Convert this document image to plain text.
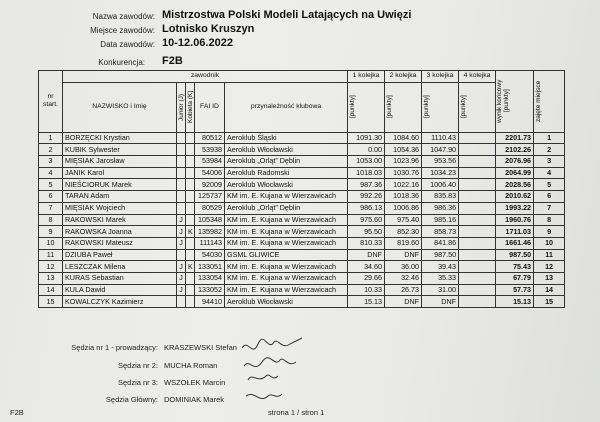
Nazwa zawodów: Mistrzostwa Polski Modeli Latających na Uwięzi
Miejsce zawodów: Lotnisko Kruszyn
Data zawodów: 10-12.06.2022
Konkurencja: F2B
nr start.	zawodnik					1 kolejka	2 kolejka	3 kolejka	4 kolejka	wynik końcowy [punkty]	zajęte miejsce

	NAZWISKO i Imię	Junior (J)	Kobieta (K)	FAI ID	przynależność klubowa	[punkty]	[punkty]	[punkty]	[punkty]		

1	BORZĘCKI Krystian			80512	Aeroklub Śląski	1091.30	1084.60	1110.43		2201.73	1
2	KUBIK Sylwester			53938	Aeroklub Włocławski	0.00	1054.36	1047.90		2102.26	2
3	MIĘSIAK Jarosław			53984	Aeroklub „Orląt” Dęblin	1053.00	1023.96	953.56		2076.96	3
4	JANIK Karol			54006	Aeroklub Radomski	1018.03	1030.76	1034.23		2064.99	4
5	NIEŚCIORUK Marek			92009	Aeroklub Włocławski	987.36	1022.16	1006.40		2028.56	5
6	TARAN Adam			125737	KM im. E. Kujana w Wierzawicach	992.26	1018.36	835.83		2010.62	6
7	MIĘSIAK Wojciech			80529	Aeroklub „Orląt” Dęblin	986.13	1006.86	986.36		1993.22	7
8	RAKOWSKI Marek	J		105348	KM im. E. Kujana w Wierzawicach	975.60	975.40	985.16		1960.76	8
9	RAKOWSKA Joanna	J	K	135982	KM im. E. Kujana w Wierzawicach	95.50	852.30	858.73		1711.03	9
10	RAKOWSKI Mateusz	J		111143	KM im. E. Kujana w Wierzawicach	810.33	819.60	841.86		1661.46	10
11	DZIUBA Paweł			54030	GSML GLIWICE	DNF	DNF	987.50		987.50	11
12	LESZCZAK Milena	J	K	133051	KM im. E. Kujana w Wierzawicach	34.60	36.00	39.43		75.43	12
13	KURAS Sebastian	J		133054	KM im. E. Kujana w Wierzawicach	29.66	32.46	35.33		67.79	13
14	KULA Dawid	J		133052	KM im. E. Kujana w Wierzawicach	10.33	26.73	31.00		57.73	14
15	KOWALCZYK Kazimierz			94410	Aeroklub Włocławski	15.13	DNF	DNF		15.13	15
Sędzia nr 1 - prowadzący: KRASZEWSKI Stefan
Sędzia nr 2: MUCHA Roman
Sędzia nr 3: WSZOŁEK Marcin
Sędzia Główny: DOMINIAK Marek
F2B	strona 1 / stron 1
